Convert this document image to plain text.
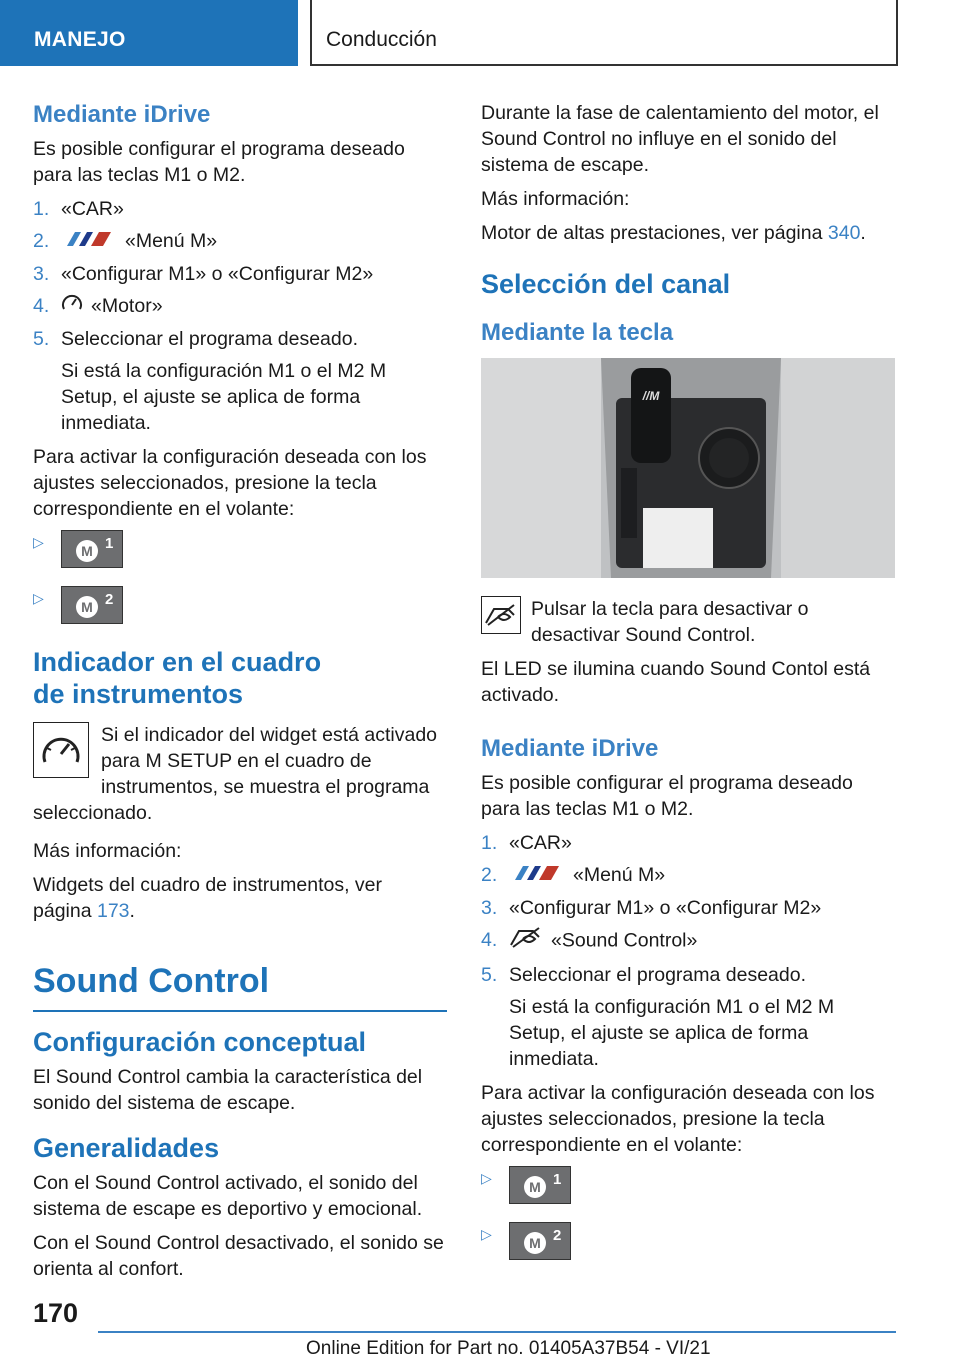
MANEJO	Conducción
Mediante iDrive

Es posible configurar el programa deseado para las teclas M1 o M2.

1. «CAR»
2.	«Menú M»
3. «Configurar M1» o «Configurar M2»
4. «Motor»
5. Seleccionar el programa deseado.
Si está la configuración M1 o el M2 M Setup, el ajuste se aplica de forma inmediata.

Para activar la configuración deseada con los ajustes seleccionados, presione la tecla correspondiente en el volante:

▷
M 1
▷
M 2
Indicador en el cuadro de instrumentos

Si el indicador del widget está activado para M SETUP en el cuadro de instrumentos, se muestra el programa seleccionado.

Más información:

Widgets del cuadro de instrumentos, ver página 173.

Sound Control
Configuración conceptual

El Sound Control cambia la característica del sonido del sistema de escape.

Generalidades

Con el Sound Control activado, el sonido del sistema de escape es deportivo y emocional.

Con el Sound Control desactivado, el sonido se orienta al confort.

Durante la fase de calentamiento del motor, el Sound Control no influye en el sonido del sistema de escape.

Más información:

Motor de altas prestaciones, ver página 340.

Selección del canal
Mediante la tecla
//M

Pulsar la tecla para desactivar o desactivar Sound Control.

El LED se ilumina cuando Sound Contol está activado.

Mediante iDrive

Es posible configurar el programa deseado para las teclas M1 o M2.

1. «CAR»
2.	«Menú M»
3. «Configurar M1» o «Configurar M2»
4.	«Sound Control»
5. Seleccionar el programa deseado.
Si está la configuración M1 o el M2 M Setup, el ajuste se aplica de forma inmediata.

Para activar la configuración deseada con los ajustes seleccionados, presione la tecla correspondiente en el volante:

▷
M 1
▷
M 2
170
Online Edition for Part no. 01405A37B54 - VI/21
